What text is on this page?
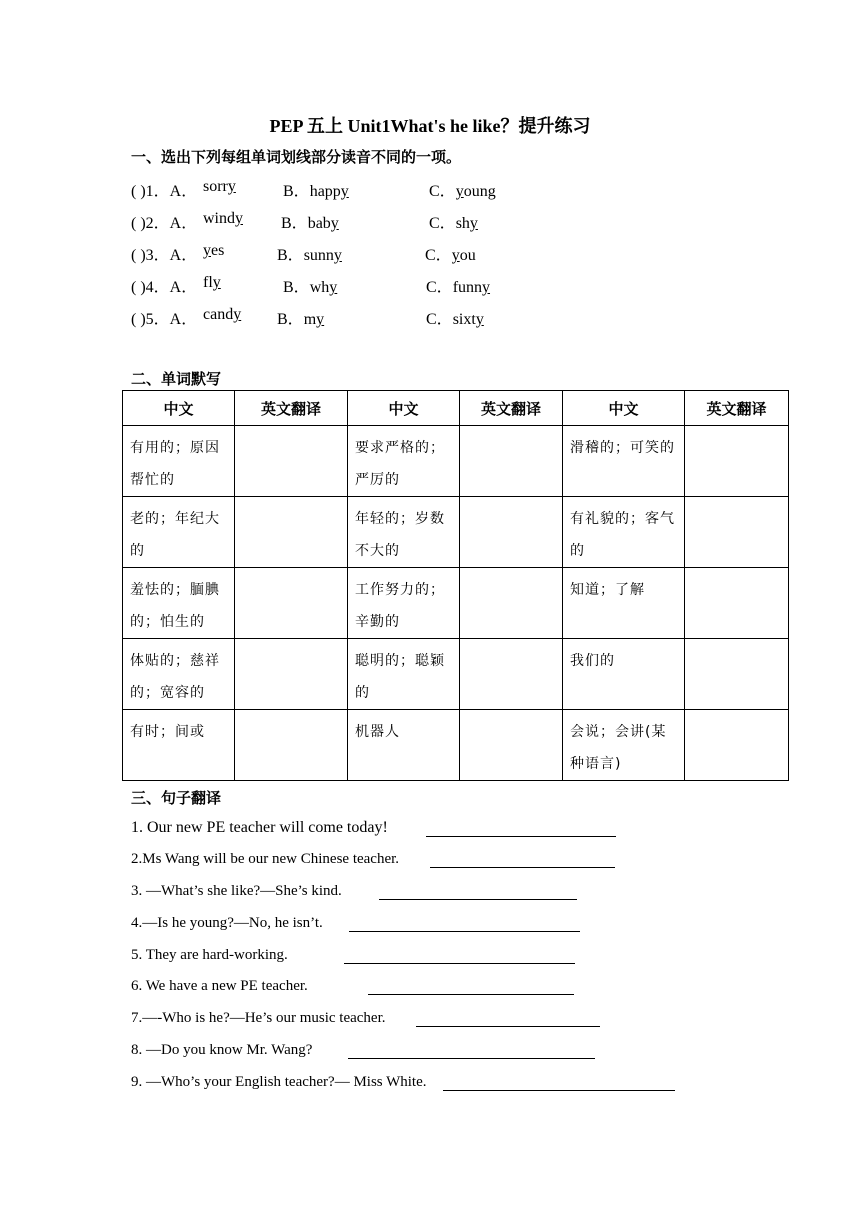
PEP 五上 Unit1What's he like？提升练习
一、选出下列每组单词划线部分读音不同的一项。
( )1．A． sorry	B．happy	C．young
( )2．A． windy B．baby	C．shy
( )3．A． yes	B．sunny	C．you
( )4．A． fly	B．why	C．funny
( )5．A． candy B．my	C．sixty
二、单词默写
中文	英文翻译	中文	英文翻译	中文	英文翻译
有用的；原因帮忙的		要求严格的；严厉的		滑稽的；可笑的	
老的；年纪大的		年轻的；岁数不大的		有礼貌的；客气的	
羞怯的；腼腆的；怕生的		工作努力的；辛勤的		知道；了解	
体贴的；慈祥的；宽容的		聪明的；聪颖的		我们的	
有时；间或		机器人		会说；会讲(某种语言)	
三、句子翻译
1. Our new PE teacher will come today!
2.Ms Wang will be our new Chinese teacher.
3. —What’s she like?—She’s kind.
4.—Is he young?—No, he isn’t.
5. They are hard-working.
6. We have a new PE teacher.
7.—-Who is he?—He’s our music teacher.
8. —Do you know Mr. Wang?
9. —Who’s your English teacher?— Miss White.
